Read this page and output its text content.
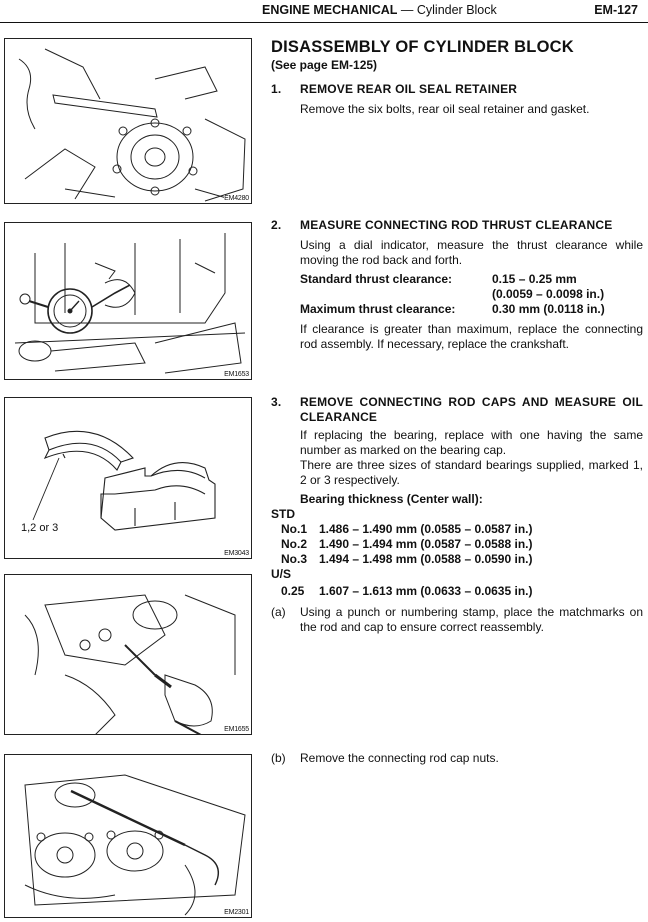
ENGINE MECHANICAL — Cylinder Block	EM-127
EM4280
EM1653
1,2 or 3
EM3043
EM1655
EM2301
DISASSEMBLY OF CYLINDER BLOCK
(See page EM-125)
1.	REMOVE REAR OIL SEAL RETAINER
Remove the six bolts, rear oil seal retainer and gasket.
2.	MEASURE CONNECTING ROD THRUST CLEARANCE
Using a dial indicator, measure the thrust clearance while moving the rod back and forth.
Standard thrust clearance:	0.15 – 0.25 mm
(0.0059 – 0.0098 in.)
Maximum thrust clearance:	0.30 mm (0.0118 in.)
If clearance is greater than maximum, replace the connecting rod assembly. If necessary, replace the crankshaft.
3.	REMOVE CONNECTING ROD CAPS AND MEASURE OIL CLEARANCE
If replacing the bearing, replace with one having the same number as marked on the bearing cap.
There are three sizes of standard bearings supplied, marked 1, 2 or 3 respectively.
Bearing thickness (Center wall):
STD
No.1 1.486 – 1.490 mm (0.0585 – 0.0587 in.)
No.2 1.490 – 1.494 mm (0.0587 – 0.0588 in.)
No.3 1.494 – 1.498 mm (0.0588 – 0.0590 in.)
U/S
0.25	1.607 – 1.613 mm (0.0633 – 0.0635 in.)
(a)	Using a punch or numbering stamp, place the matchmarks on the rod and cap to ensure correct reassembly.
(b)	Remove the connecting rod cap nuts.
